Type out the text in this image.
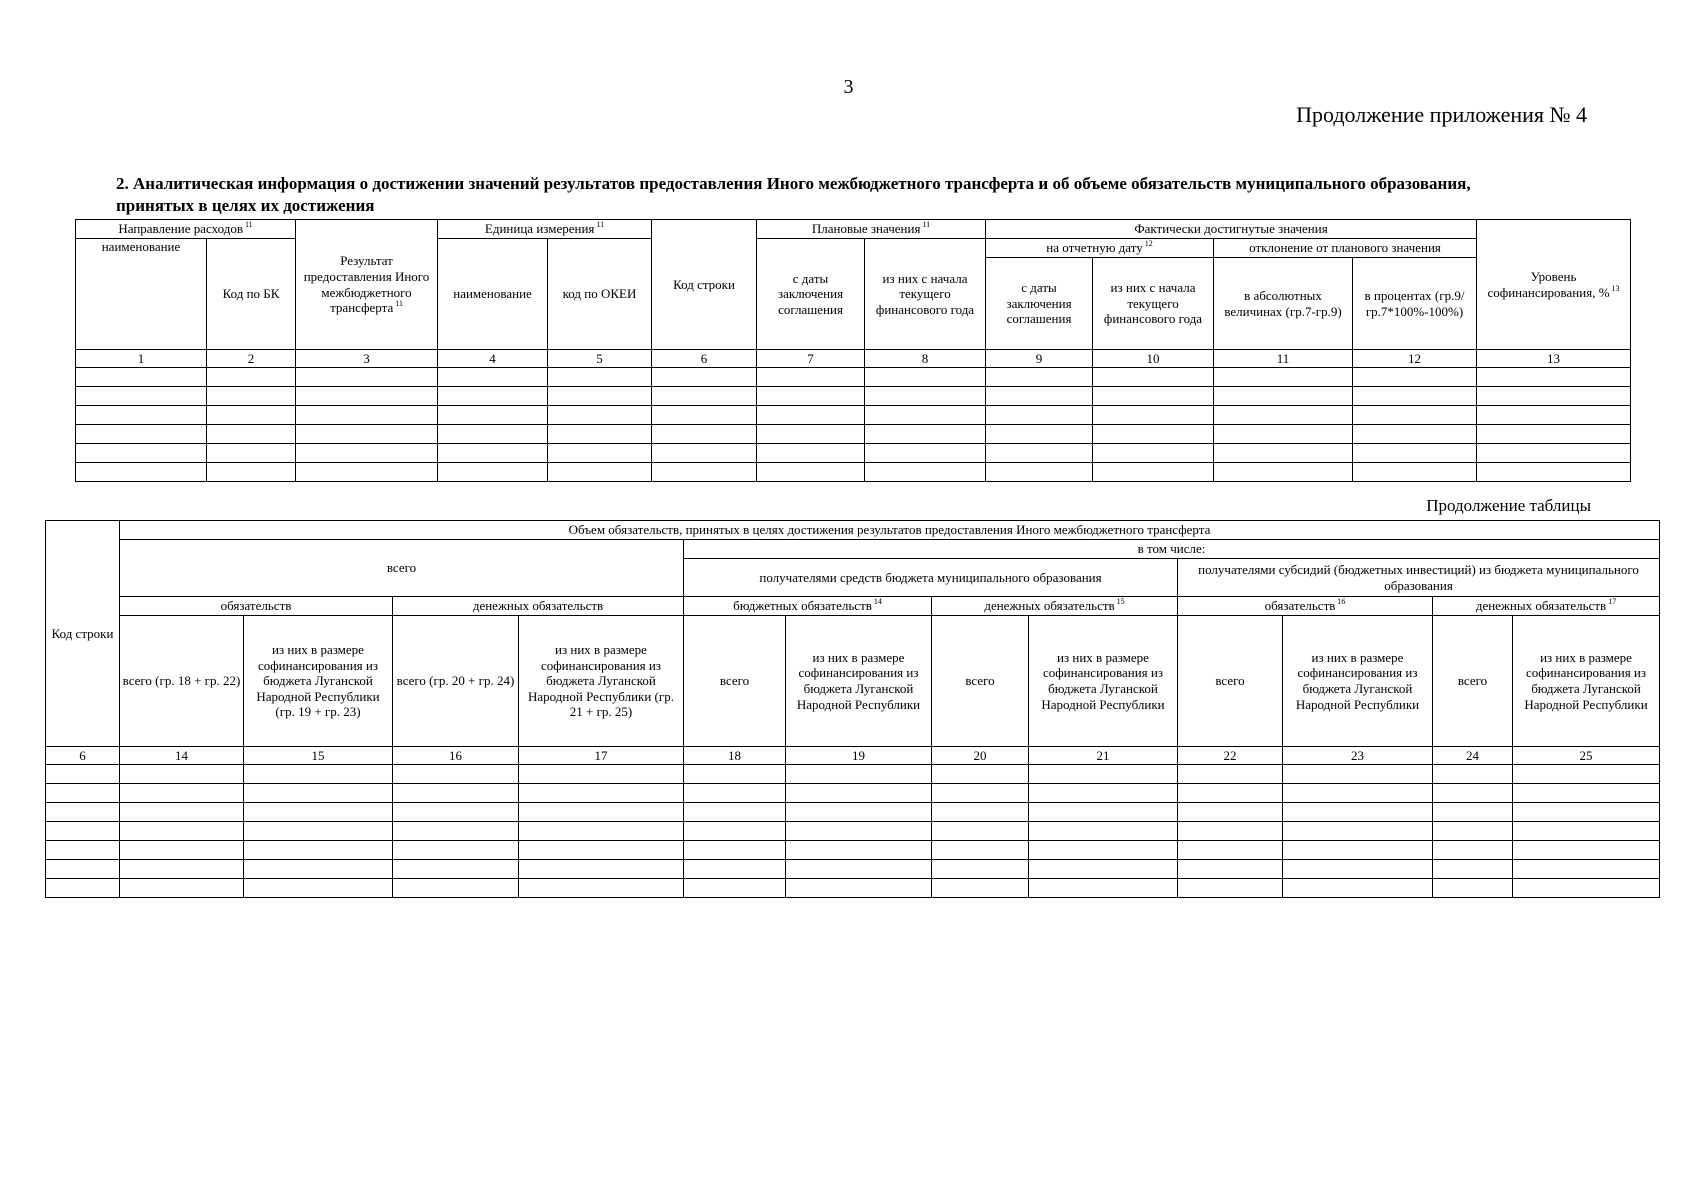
3
Продолжение приложения № 4
2. Аналитическая информация о достижении значений результатов предоставления Иного межбюджетного трансферта и об объеме обязательств муниципального образования, принятых в целях их достижения
Направление расходов $^{11}$		Результат предоставления Иного межбюджетного трансферта $^{11}$	Единица измерения $^{11}$		Код строки	Плановые значения $^{11}$		Фактически достигнутые значения				Уровень софинансирования, % $^{13}$
наименование	Код по БК		наименование	код по ОКЕИ		с даты заключения соглашения	из них с начала текущего финансового года	на отчетную дату $^{12}$		отклонение от планового значения		
								с даты заключения соглашения	из них с начала текущего финансового года	в абсолютных величинах (гр.7-гр.9)	в процентах (гр.9/гр.7*100%-100%)	
1	2	3	4	5	6	7	8	9	10	11	12	13

Продолжение таблицы
Код строки	Объем обязательств, принятых в целях достижения результатов предоставления Иного межбюджетного трансферта											
	всего				в том числе:							
					получателями средств бюджета муниципального образования				получателями субсидий (бюджетных инвестиций) из бюджета муниципального образования			
	обязательств		денежных обязательств		бюджетных обязательств $^{14}$		денежных обязательств $^{15}$		обязательств $^{16}$		денежных обязательств $^{17}$
	всего (гр. 18 + гр. 22)	из них в размере софинансирования из бюджета Луганской Народной Республики (гр. 19 + гр. 23)	всего (гр. 20 + гр. 24)	из них в размере софинансирования из бюджета Луганской Народной Республики (гр. 21 + гр. 25)	всего	из них в размере софинансирования из бюджета Луганской Народной Республики	всего	из них в размере софинансирования из бюджета Луганской Народной Республики	всего	из них в размере софинансирования из бюджета Луганской Народной Республики	всего	из них в размере софинансирования из бюджета Луганской Народной Республики
6	14	15	16	17	18	19	20	21	22	23	24	25
